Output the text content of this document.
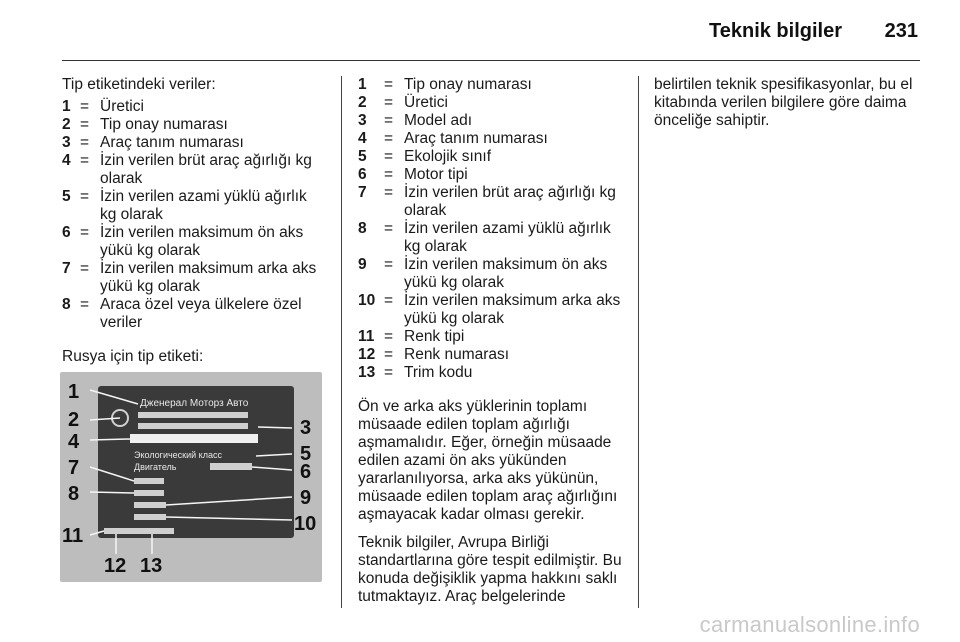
Teknik bilgiler 231

Tip etiketindeki veriler:

1 = Üretici
2 = Tip onay numarası
3 = Araç tanım numarası
4 = İzin verilen brüt araç ağırlığı kg olarak
5 = İzin verilen azami yüklü ağırlık kg olarak
6 = İzin verilen maksimum ön aks yükü kg olarak
7 = İzin verilen maksimum arka aks yükü kg olarak
8 = Araca özel veya ülkelere özel veriler

Rusya için tip etiketi:

Дженерал Моторз Авто
Экологический класс
Двигатель
1
2
4
7
8
11
3
5
6
9
10
12 13
1	= Tip onay numarası
2	= Üretici
3	= Model adı
4	= Araç tanım numarası
5	= Ekolojik sınıf
6	= Motor tipi
7	= İzin verilen brüt araç ağırlığı kg olarak
8	= İzin verilen azami yüklü ağırlık kg olarak
9	= İzin verilen maksimum ön aks yükü kg olarak
10 = İzin verilen maksimum arka aks yükü kg olarak
11 = Renk tipi
12 = Renk numarası
13 = Trim kodu

Ön ve arka aks yüklerinin toplamı müsaade edilen toplam ağırlığı aşmamalıdır. Eğer, örneğin müsaade edilen azami ön aks yükünden yararlanılıyorsa, arka aks yükünün, müsaade edilen toplam araç ağırlığını aşmayacak kadar olması gerekir.

Teknik bilgiler, Avrupa Birliği standartlarına göre tespit edilmiştir. Bu konuda değişiklik yapma hakkını saklı tutmaktayız. Araç belgelerinde

belirtilen teknik spesifikasyonlar, bu el kitabında verilen bilgilere göre daima önceliğe sahiptir.

carmanualsonline.info
